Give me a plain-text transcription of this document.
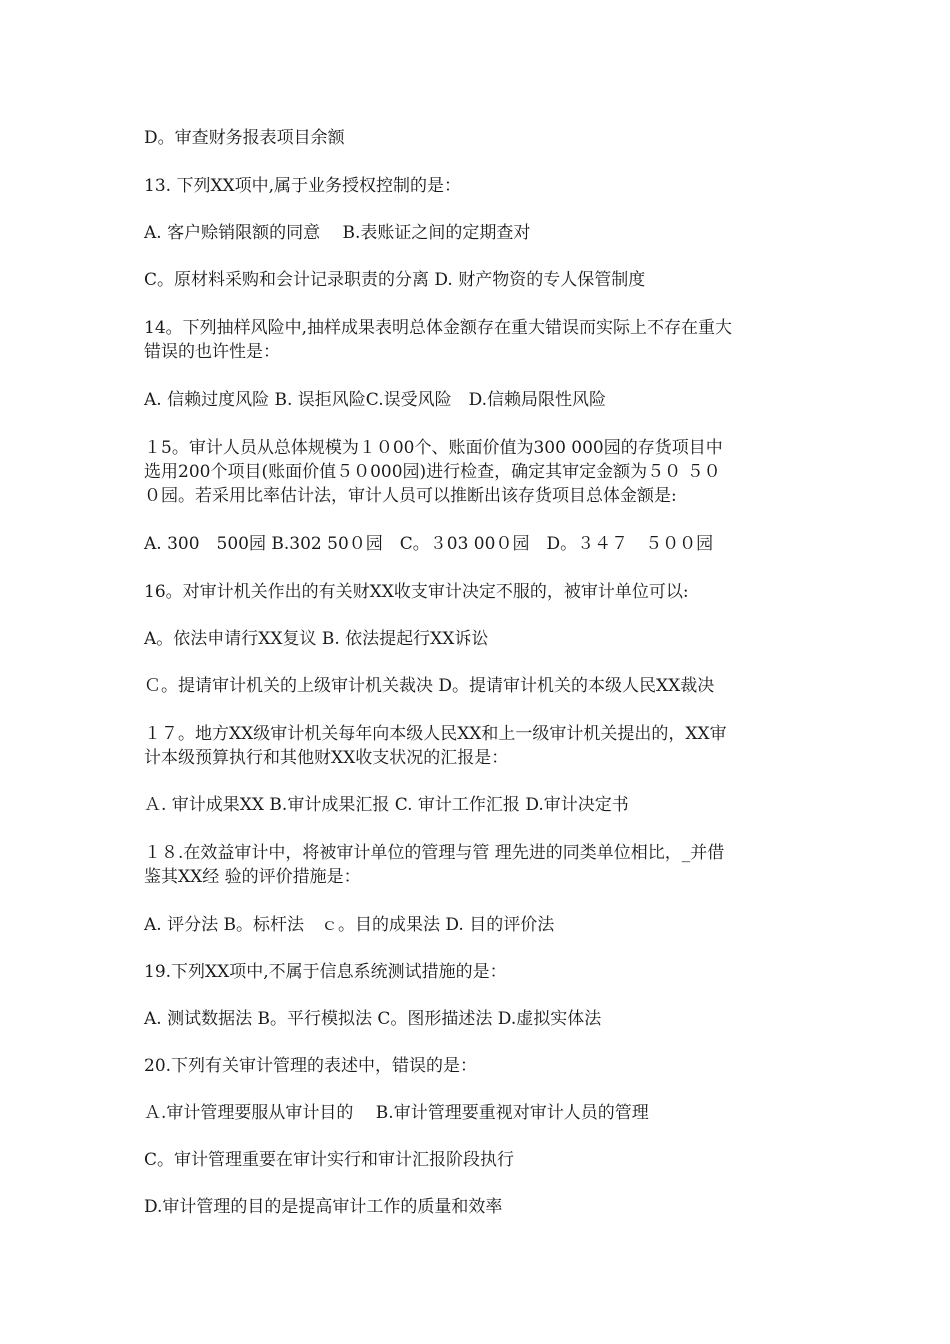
D。审查财务报表项目余额
13. 下列XX项中,属于业务授权控制的是：
A. 客户赊销限额的同意　 B.表账证之间的定期查对
C。原材料采购和会计记录职责的分离 D. 财产物资的专人保管制度
14。下列抽样风险中,抽样成果表明总体金额存在重大错误而实际上不存在重大
错误的也许性是：
A. 信赖过度风险 B. 误拒风险C.误受风险　D.信赖局限性风险
１5。审计人员从总体规模为１０00个、账面价值为300 000园的存货项目中
选用200个项目(账面价值５０000园)进行检查，确定其审定金额为５０ ５０
０园。若采用比率估计法，审计人员可以推断出该存货项目总体金额是:
A. 300　500园 B.302 50０园　C。３03 00０园　D。３４７　５００园
16。对审计机关作出的有关财XX收支审计决定不服的，被审计单位可以:
A。依法申请行XX复议 B. 依法提起行XX诉讼
Ｃ。提请审计机关的上级审计机关裁决 D。提请审计机关的本级人民XX裁决
１７。地方XX级审计机关每年向本级人民XX和上一级审计机关提出的，XX审
计本级预算执行和其他财XX收支状况的汇报是：
Ａ. 审计成果XX B.审计成果汇报 C. 审计工作汇报 D.审计决定书
１８.在效益审计中，将被审计单位的管理与管 理先进的同类单位相比，_并借
鉴其XX经 验的评价措施是：
A. 评分法 B。标杆法　ｃ。目的成果法 D. 目的评价法
19.下列XX项中,不属于信息系统测试措施的是：
A. 测试数据法 B。平行模拟法 C。图形描述法 D.虚拟实体法
20.下列有关审计管理的表述中，错误的是：
Ａ.审计管理要服从审计目的　 B.审计管理要重视对审计人员的管理
C。审计管理重要在审计实行和审计汇报阶段执行
D.审计管理的目的是提高审计工作的质量和效率
